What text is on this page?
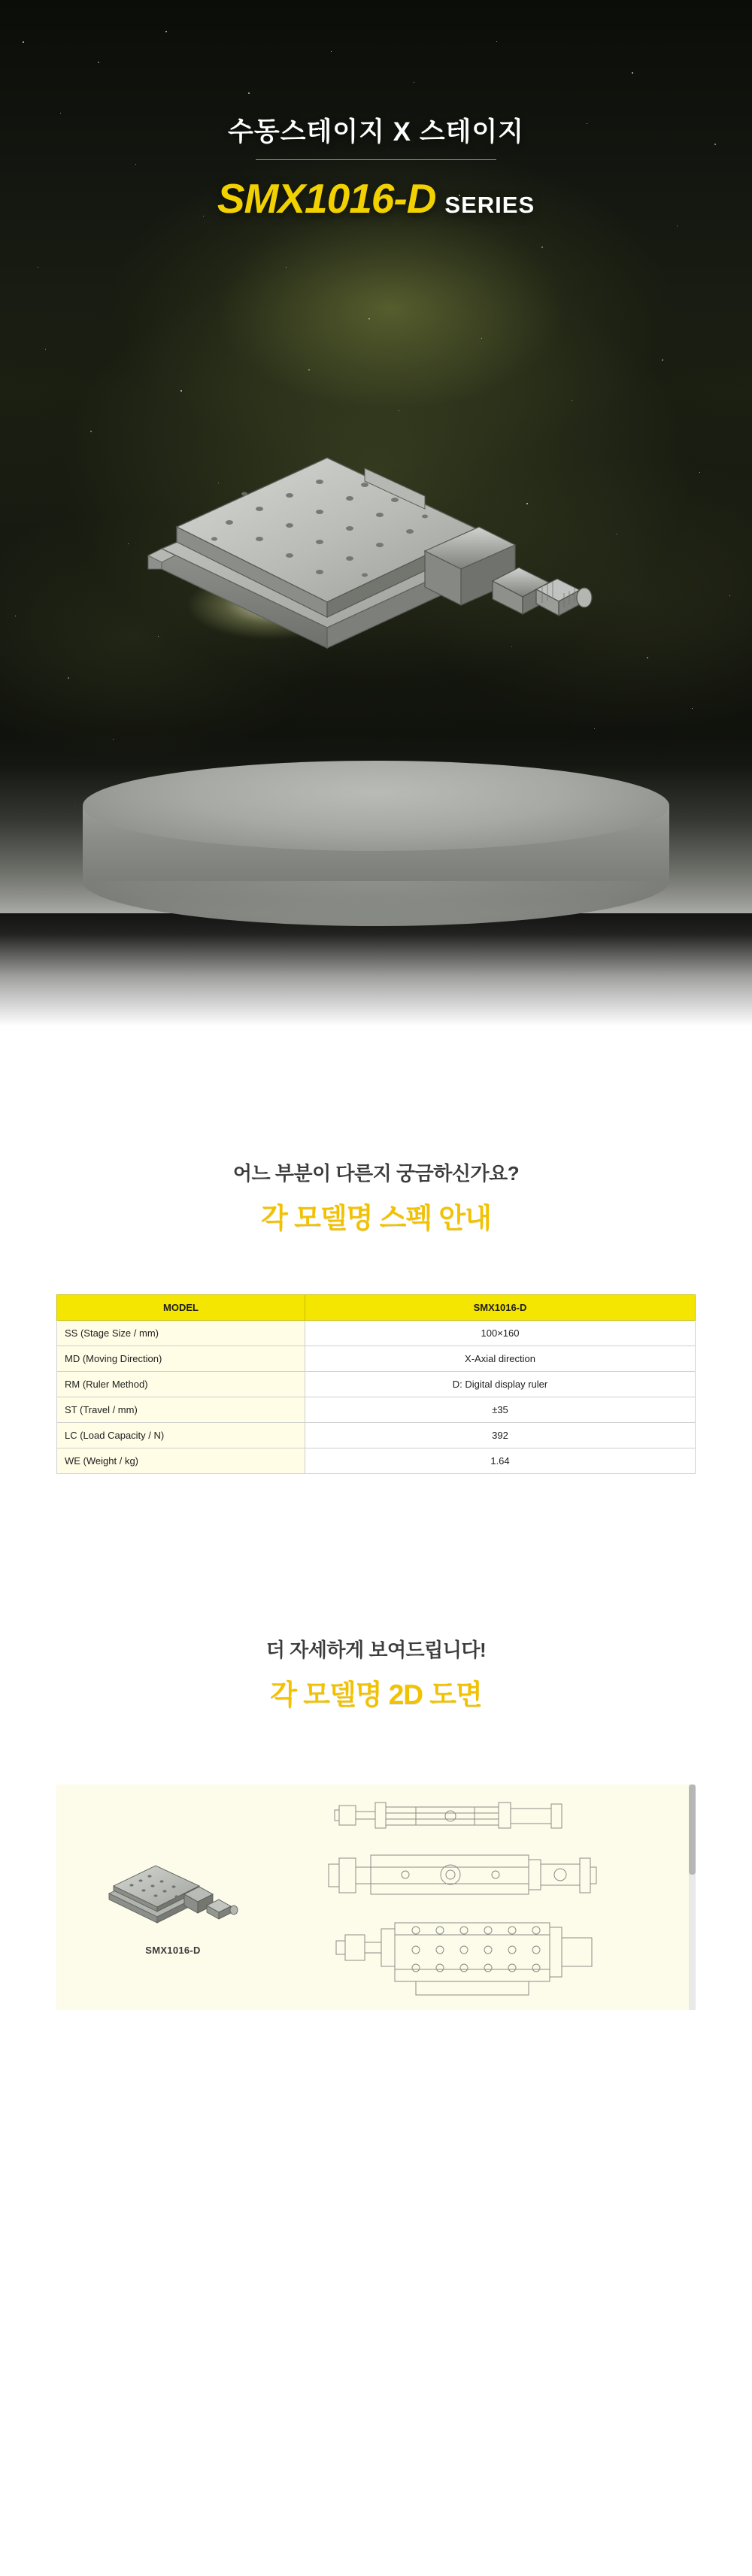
수동스테이지 X 스테이지
SMX1016-D SERIES
어느 부분이 다른지 궁금하신가요?
각 모델명 스펙 안내
MODEL	SMX1016-D
SS (Stage Size / mm)	100×160
MD (Moving Direction)	X-Axial direction
RM (Ruler Method)	D: Digital display ruler
ST (Travel / mm)	±35
LC (Load Capacity / N)	392
WE (Weight / kg)	1.64
더 자세하게 보여드립니다!
각 모델명 2D 도면
SMX1016-D
